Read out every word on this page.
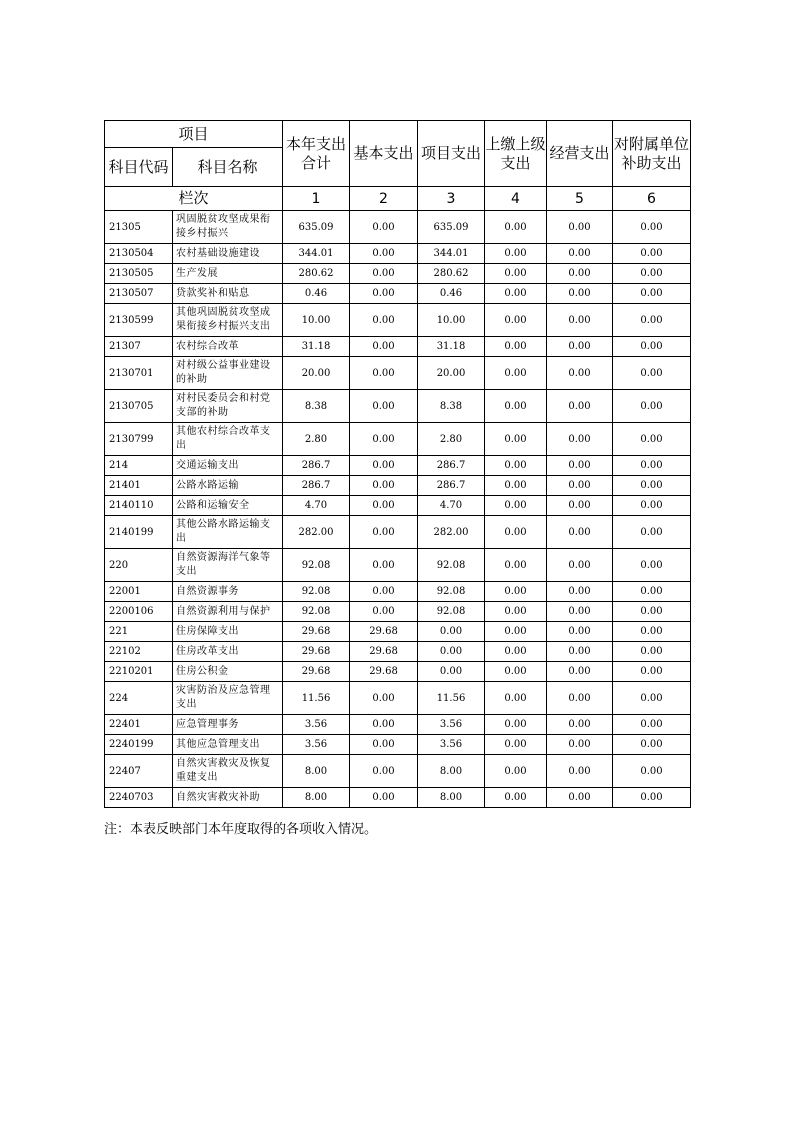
项目		本年支出合计	基本支出	项目支出	上缴上级支出	经营支出	对附属单位补助支出
科目代码	科目名称						
栏次		1	2	3	4	5	6
21305	巩固脱贫攻坚成果衔接乡村振兴	635.09	0.00	635.09	0.00	0.00	0.00
2130504	农村基础设施建设	344.01	0.00	344.01	0.00	0.00	0.00
2130505	生产发展	280.62	0.00	280.62	0.00	0.00	0.00
2130507	贷款奖补和贴息	0.46	0.00	0.46	0.00	0.00	0.00
2130599	其他巩固脱贫攻坚成果衔接乡村振兴支出	10.00	0.00	10.00	0.00	0.00	0.00
21307	农村综合改革	31.18	0.00	31.18	0.00	0.00	0.00
2130701	对村级公益事业建设的补助	20.00	0.00	20.00	0.00	0.00	0.00
2130705	对村民委员会和村党支部的补助	8.38	0.00	8.38	0.00	0.00	0.00
2130799	其他农村综合改革支出	2.80	0.00	2.80	0.00	0.00	0.00
214	交通运输支出	286.7	0.00	286.7	0.00	0.00	0.00
21401	公路水路运输	286.7	0.00	286.7	0.00	0.00	0.00
2140110	公路和运输安全	4.70	0.00	4.70	0.00	0.00	0.00
2140199	其他公路水路运输支出	282.00	0.00	282.00	0.00	0.00	0.00
220	自然资源海洋气象等支出	92.08	0.00	92.08	0.00	0.00	0.00
22001	自然资源事务	92.08	0.00	92.08	0.00	0.00	0.00
2200106	自然资源利用与保护	92.08	0.00	92.08	0.00	0.00	0.00
221	住房保障支出	29.68	29.68	0.00	0.00	0.00	0.00
22102	住房改革支出	29.68	29.68	0.00	0.00	0.00	0.00
2210201	住房公积金	29.68	29.68	0.00	0.00	0.00	0.00
224	灾害防治及应急管理支出	11.56	0.00	11.56	0.00	0.00	0.00
22401	应急管理事务	3.56	0.00	3.56	0.00	0.00	0.00
2240199	其他应急管理支出	3.56	0.00	3.56	0.00	0.00	0.00
22407	自然灾害救灾及恢复重建支出	8.00	0.00	8.00	0.00	0.00	0.00
2240703	自然灾害救灾补助	8.00	0.00	8.00	0.00	0.00	0.00
注：本表反映部门本年度取得的各项收入情况。
